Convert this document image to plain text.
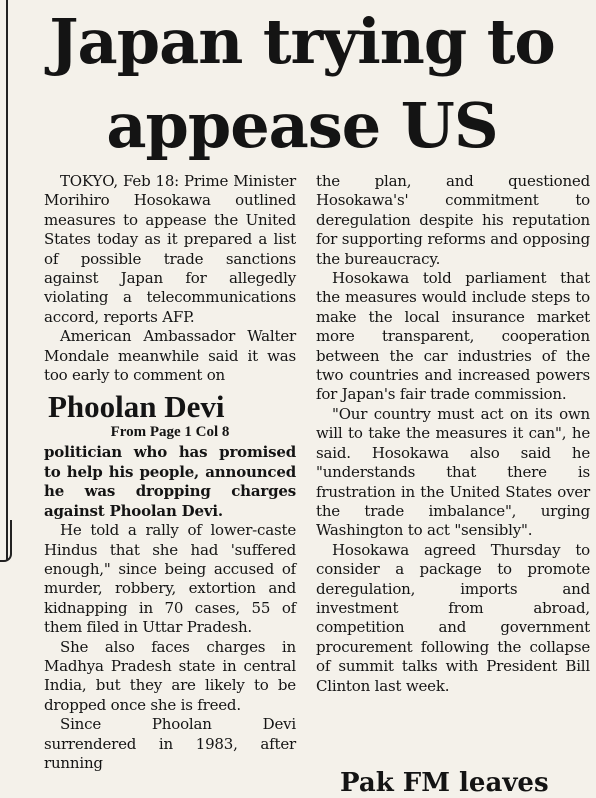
Japan trying to
appease US

TOKYO, Feb 18: Prime Minister Morihiro Hosokawa outlined measures to appease the United States today as it prepared a list of possible trade sanctions against Japan for allegedly violating a telecommunications accord, reports AFP.

American Ambassador Walter Mondale meanwhile said it was too early to comment on

Phoolan Devi

From Page 1 Col 8

politician who has promised to help his people, announced he was dropping charges against Phoolan Devi.

He told a rally of lower-caste Hindus that she had 'suffered enough," since being accused of murder, robbery, extortion and kidnapping in 70 cases, 55 of them filed in Uttar Pradesh.

She also faces charges in Madhya Pradesh state in central India, but they are likely to be dropped once she is freed.

Since Phoolan Devi surrendered in 1983, after running

the plan, and questioned Hosokawa's' commitment to deregulation despite his reputation for supporting reforms and opposing the bureaucracy.

Hosokawa told parliament that the measures would include steps to make the local insurance market more transparent, cooperation between the car industries of the two countries and increased powers for Japan's fair trade commission.

"Our country must act on its own will to take the measures it can", he said. Hosokawa also said he "understands that there is frustration in the United States over the trade imbalance", urging Washington to act "sensibly".

Hosokawa agreed Thursday to consider a package to promote deregulation, imports and investment from abroad, competition and government procurement following the collapse of summit talks with President Bill Clinton last week.

Pak FM leaves
